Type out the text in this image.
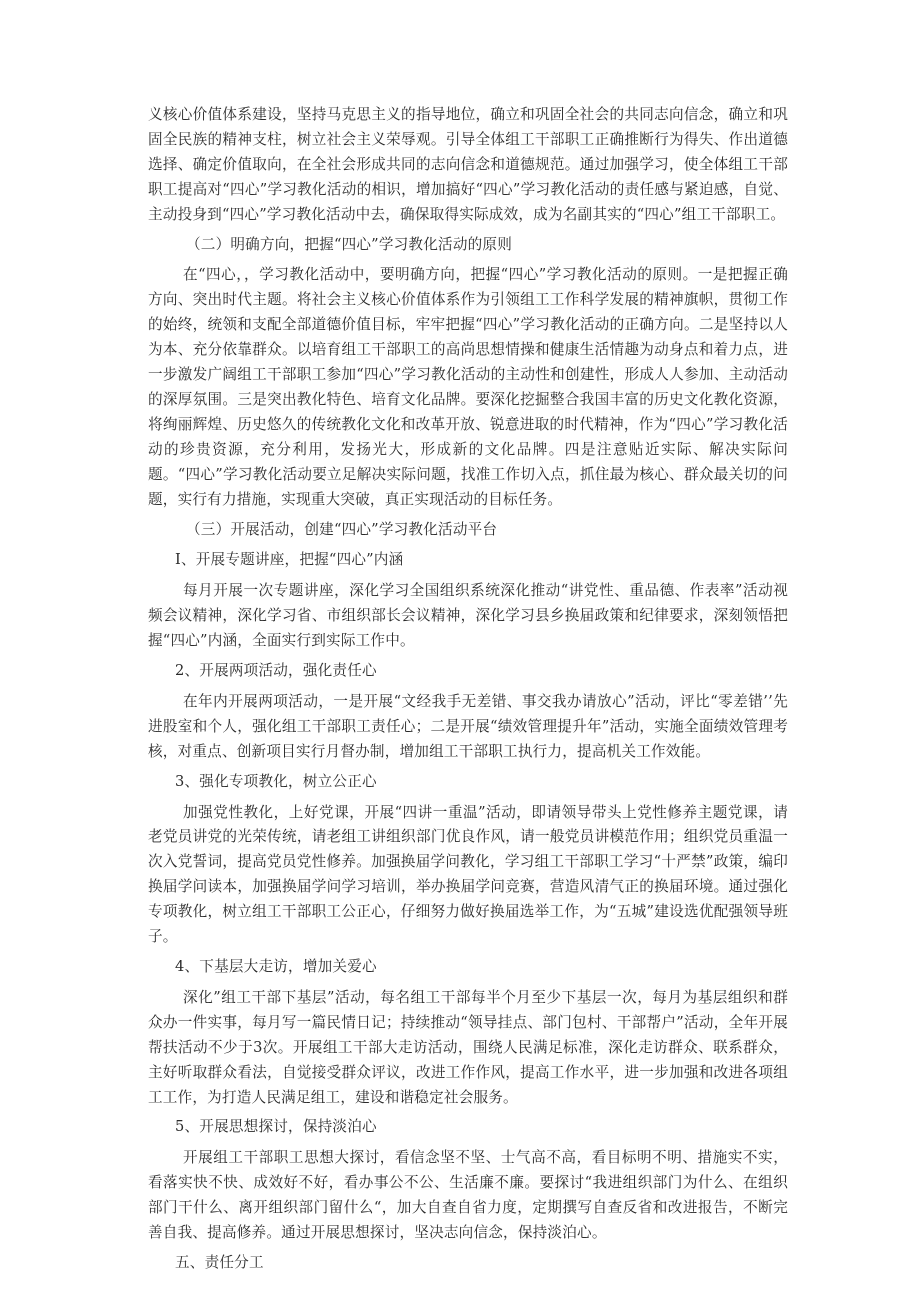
义核心价值体系建设，坚持马克思主义的指导地位，确立和巩固全社会的共同志向信念，确立和巩固全民族的精神支柱，树立社会主义荣辱观。引导全体组工干部职工正确推断行为得失、作出道德选择、确定价值取向，在全社会形成共同的志向信念和道德规范。通过加强学习，使全体组工干部职工提高对“四心”学习教化活动的相识，增加搞好“四心”学习教化活动的责任感与紧迫感，自觉、主动投身到“四心”学习教化活动中去，确保取得实际成效，成为名副其实的“四心”组工干部职工。

（二）明确方向，把握“四心”学习教化活动的原则

在“四心，，学习教化活动中，要明确方向，把握“四心”学习教化活动的原则。一是把握正确方向、突出时代主题。将社会主义核心价值体系作为引领组工工作科学发展的精神旗帜，贯彻工作的始终，统领和支配全部道德价值目标，牢牢把握“四心”学习教化活动的正确方向。二是坚持以人为本、充分依靠群众。以培育组工干部职工的高尚思想情操和健康生活情趣为动身点和着力点，进一步激发广阔组工干部职工参加“四心”学习教化活动的主动性和创建性，形成人人参加、主动活动的深厚氛围。三是突出教化特色、培育文化品牌。要深化挖掘整合我国丰富的历史文化教化资源，将绚丽辉煌、历史悠久的传统教化文化和改革开放、锐意进取的时代精神，作为“四心”学习教化活动的珍贵资源，充分利用，发扬光大，形成新的文化品牌。四是注意贴近实际、解决实际问题。“四心”学习教化活动要立足解决实际问题，找准工作切入点，抓住最为核心、群众最关切的问题，实行有力措施，实现重大突破，真正实现活动的目标任务。

（三）开展活动，创建“四心”学习教化活动平台
I、开展专题讲座，把握“四心”内涵

每月开展一次专题讲座，深化学习全国组织系统深化推动“讲党性、重品德、作表率”活动视频会议精神，深化学习省、市组织部长会议精神，深化学习县乡换届政策和纪律要求，深刻领悟把握“四心”内涵，全面实行到实际工作中。

2、开展两项活动，强化责任心

在年内开展两项活动，一是开展“文经我手无差错、事交我办请放心”活动，评比“零差错’’先进股室和个人，强化组工干部职工责任心；二是开展“绩效管理提升年”活动，实施全面绩效管理考核，对重点、创新项目实行月督办制，增加组工干部职工执行力，提高机关工作效能。

3、强化专项教化，树立公正心

加强党性教化，上好党课，开展“四讲一重温”活动，即请领导带头上党性修养主题党课，请老党员讲党的光荣传统，请老组工讲组织部门优良作风，请一般党员讲模范作用；组织党员重温一次入党誓词，提高党员党性修养。加强换届学问教化，学习组工干部职工学习“十严禁”政策，编印换届学问读本，加强换届学问学习培训，举办换届学问竞赛，营造风清气正的换届环境。通过强化专项教化，树立组工干部职工公正心，仔细努力做好换届选举工作，为“五城”建设选优配强领导班子。

4、下基层大走访，增加关爱心

深化”组工干部下基层”活动，每名组工干部每半个月至少下基层一次，每月为基层组织和群众办一件实事，每月写一篇民情日记；持续推动“领导挂点、部门包村、干部帮户”活动，全年开展帮扶活动不少于3次。开展组工干部大走访活动，围绕人民满足标准，深化走访群众、联系群众，主好听取群众看法，自觉接受群众评议，改进工作作风，提高工作水平，进一步加强和改进各项组工工作，为打造人民满足组工，建设和谐稳定社会服务。

5、开展思想探讨，保持淡泊心

开展组工干部职工思想大探讨，看信念坚不坚、士气高不高，看目标明不明、措施实不实，看落实快不快、成效好不好，看办事公不公、生活廉不廉。要探讨“我进组织部门为什么、在组织部门干什么、离开组织部门留什么“，加大自查自省力度，定期撰写自查反省和改进报告，不断完善自我、提高修养。通过开展思想探讨，坚决志向信念，保持淡泊心。

五、责任分工
